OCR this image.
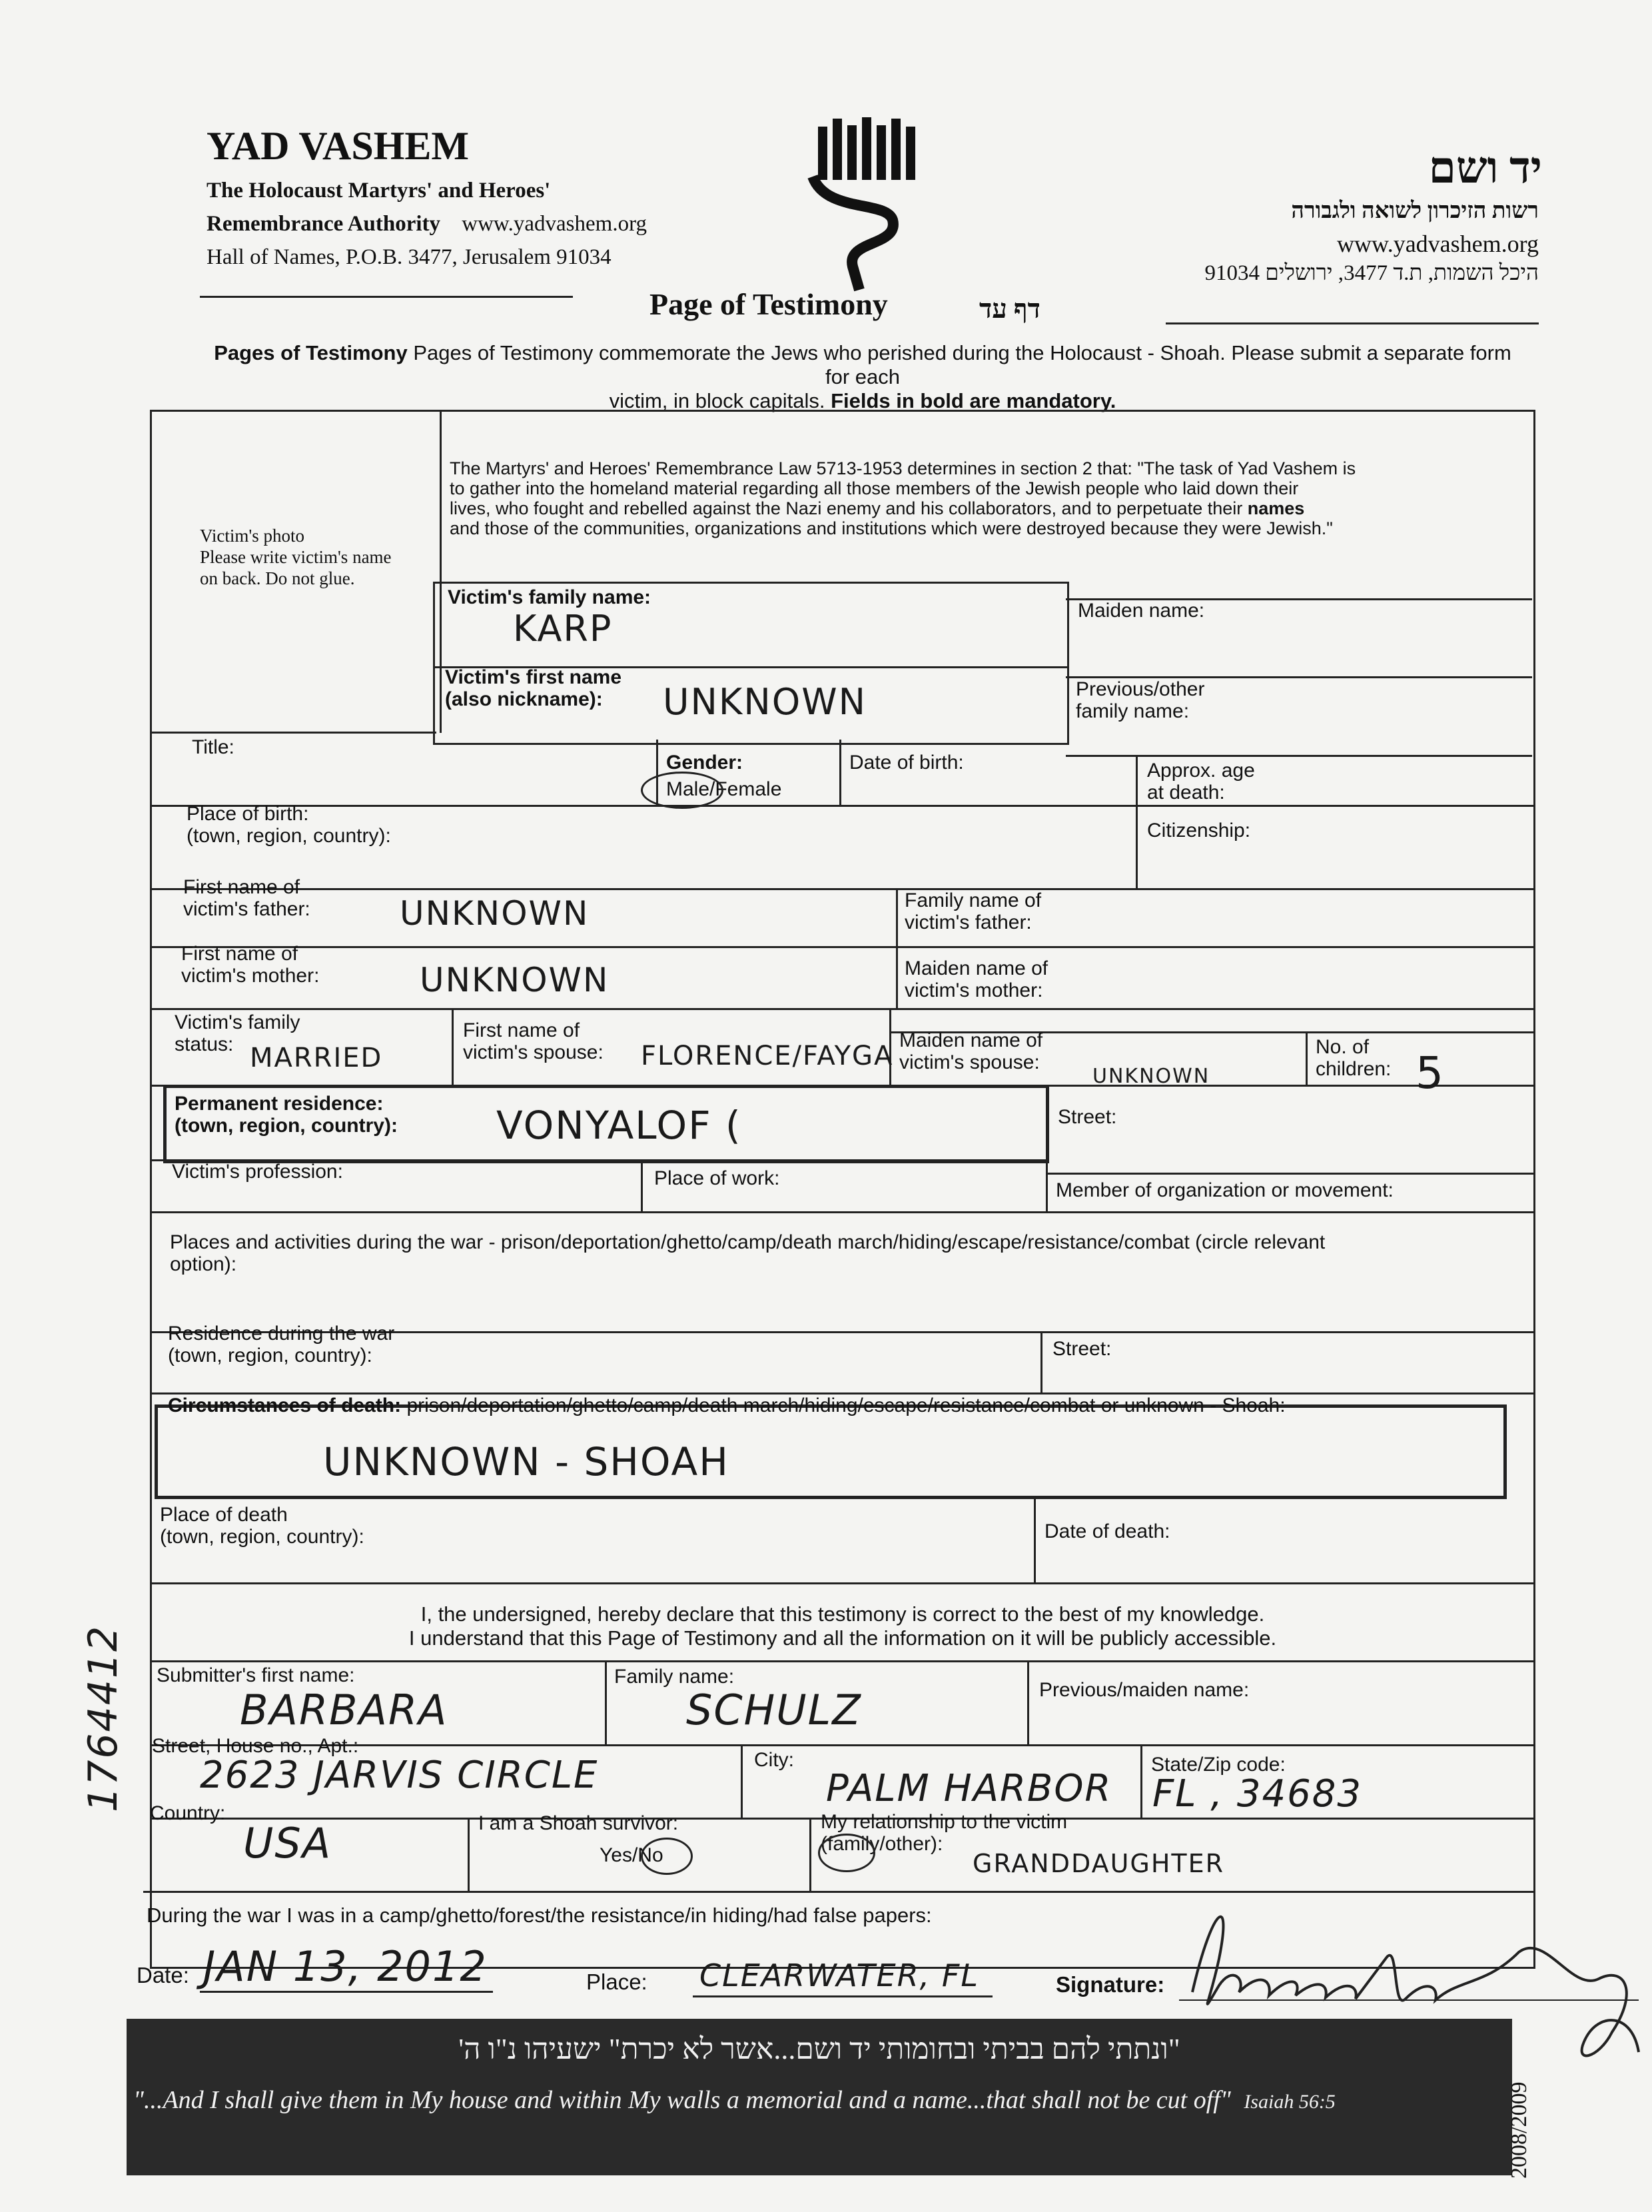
YAD VASHEM
The Holocaust Martyrs' and Heroes'
Remembrance Authority www.yadvashem.org
Hall of Names, P.O.B. 3477, Jerusalem 91034
יד ושם
רשות הזיכרון לשואה ולגבורה
www.yadvashem.org
היכל השמות, ת.ד 3477, ירושלים 91034
Page of Testimony	דף עד
Pages of Testimony Pages of Testimony commemorate the Jews who perished during the Holocaust - Shoah. Please submit a separate form for each
victim, in block capitals. Fields in bold are mandatory.
Victim's photo
Please write victim's name
on back. Do not glue.
The Martyrs' and Heroes' Remembrance Law 5713-1953 determines in section 2 that: "The task of Yad Vashem is
to gather into the homeland material regarding all those members of the Jewish people who laid down their
lives, who fought and rebelled against the Nazi enemy and his collaborators, and to perpetuate their names
and those of the communities, organizations and institutions which were destroyed because they were Jewish."
Victim's family name:
KARP	Maiden name:
Victim's first name
(also nickname):	UNKNOWN	Previous/other
family name:
Title:
Gender:
Male/Female
Date of birth:	Approx. age
at death:
Place of birth:
(town, region, country):	Citizenship:
First name of
victim's father:	UNKNOWN	Family name of
victim's father:
First name of
victim's mother:	UNKNOWN	Maiden name of
victim's mother:
Victim's family
status: MARRIED
First name of
victim's spouse: FLORENCE/FAYGA
Maiden name of
victim's spouse:
UNKNOWN
No. of
children: 5
Permanent residence:
(town, region, country):	VONYALOF (	Street:
Victim's profession:	Place of work:
Member of organization or movement:
Places and activities during the war - prison/deportation/ghetto/camp/death march/hiding/escape/resistance/combat (circle relevant
option):
Residence during the war
(town, region, country):	Street:
Circumstances of death: prison/deportation/ghetto/camp/death march/hiding/escape/resistance/combat or unknown - Shoah:
UNKNOWN - SHOAH
Place of death
(town, region, country):	Date of death:
I, the undersigned, hereby declare that this testimony is correct to the best of my knowledge.
I understand that this Page of Testimony and all the information on it will be publicly accessible.
Submitter's first name:
BARBARA
Family name:
SCHULZ	Previous/maiden name:
Street, House no., Apt.:
2623 JARVIS CIRCLE	City:
PALM HARBOR
State/Zip code:
FL , 34683
Country:
USA	I am a Shoah survivor:
Yes/No
My relationship to the victim
(family/other):
GRANDDAUGHTER
During the war I was in a camp/ghetto/forest/the resistance/in hiding/had false papers:
Date: JAN 13, 2012	Place: CLEARWATER, FL	Signature:
1764412
"ונתתי להם בביתי ובחומותי יד ושם...אשר לא יכרת" ישעיהו נ"ו ה'
"...And I shall give them in My house and within My walls a memorial and a name...that shall not be cut off" Isaiah 56:5	2008/2009
